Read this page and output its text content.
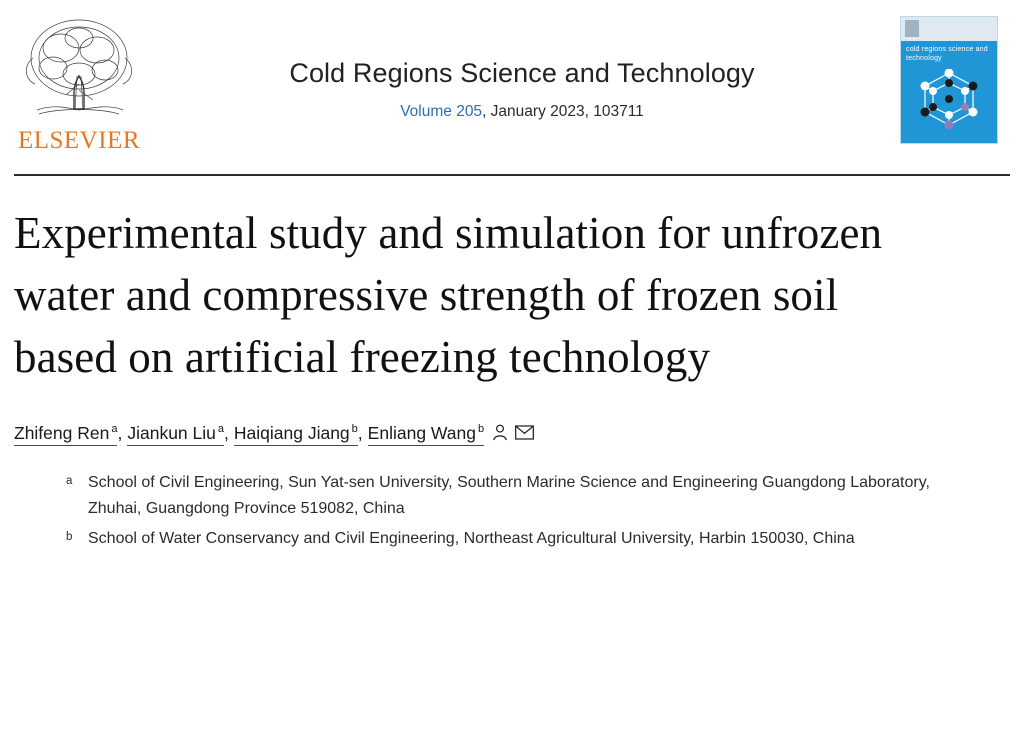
ELSEVIER
Cold Regions Science and Technology
Volume 205, January 2023, 103711
cold regions science and technology
Experimental study and simulation for unfrozen water and compressive strength of frozen soil based on artificial freezing technology
Zhifeng Ren $^a$ , Jiankun Liu $^a$ , Haiqiang Jiang $^b$ , Enliang Wang $^b$
a School of Civil Engineering, Sun Yat-sen University, Southern Marine Science and Engineering Guangdong Laboratory, Zhuhai, Guangdong Province 519082, China
b School of Water Conservancy and Civil Engineering, Northeast Agricultural University, Harbin 150030, China
